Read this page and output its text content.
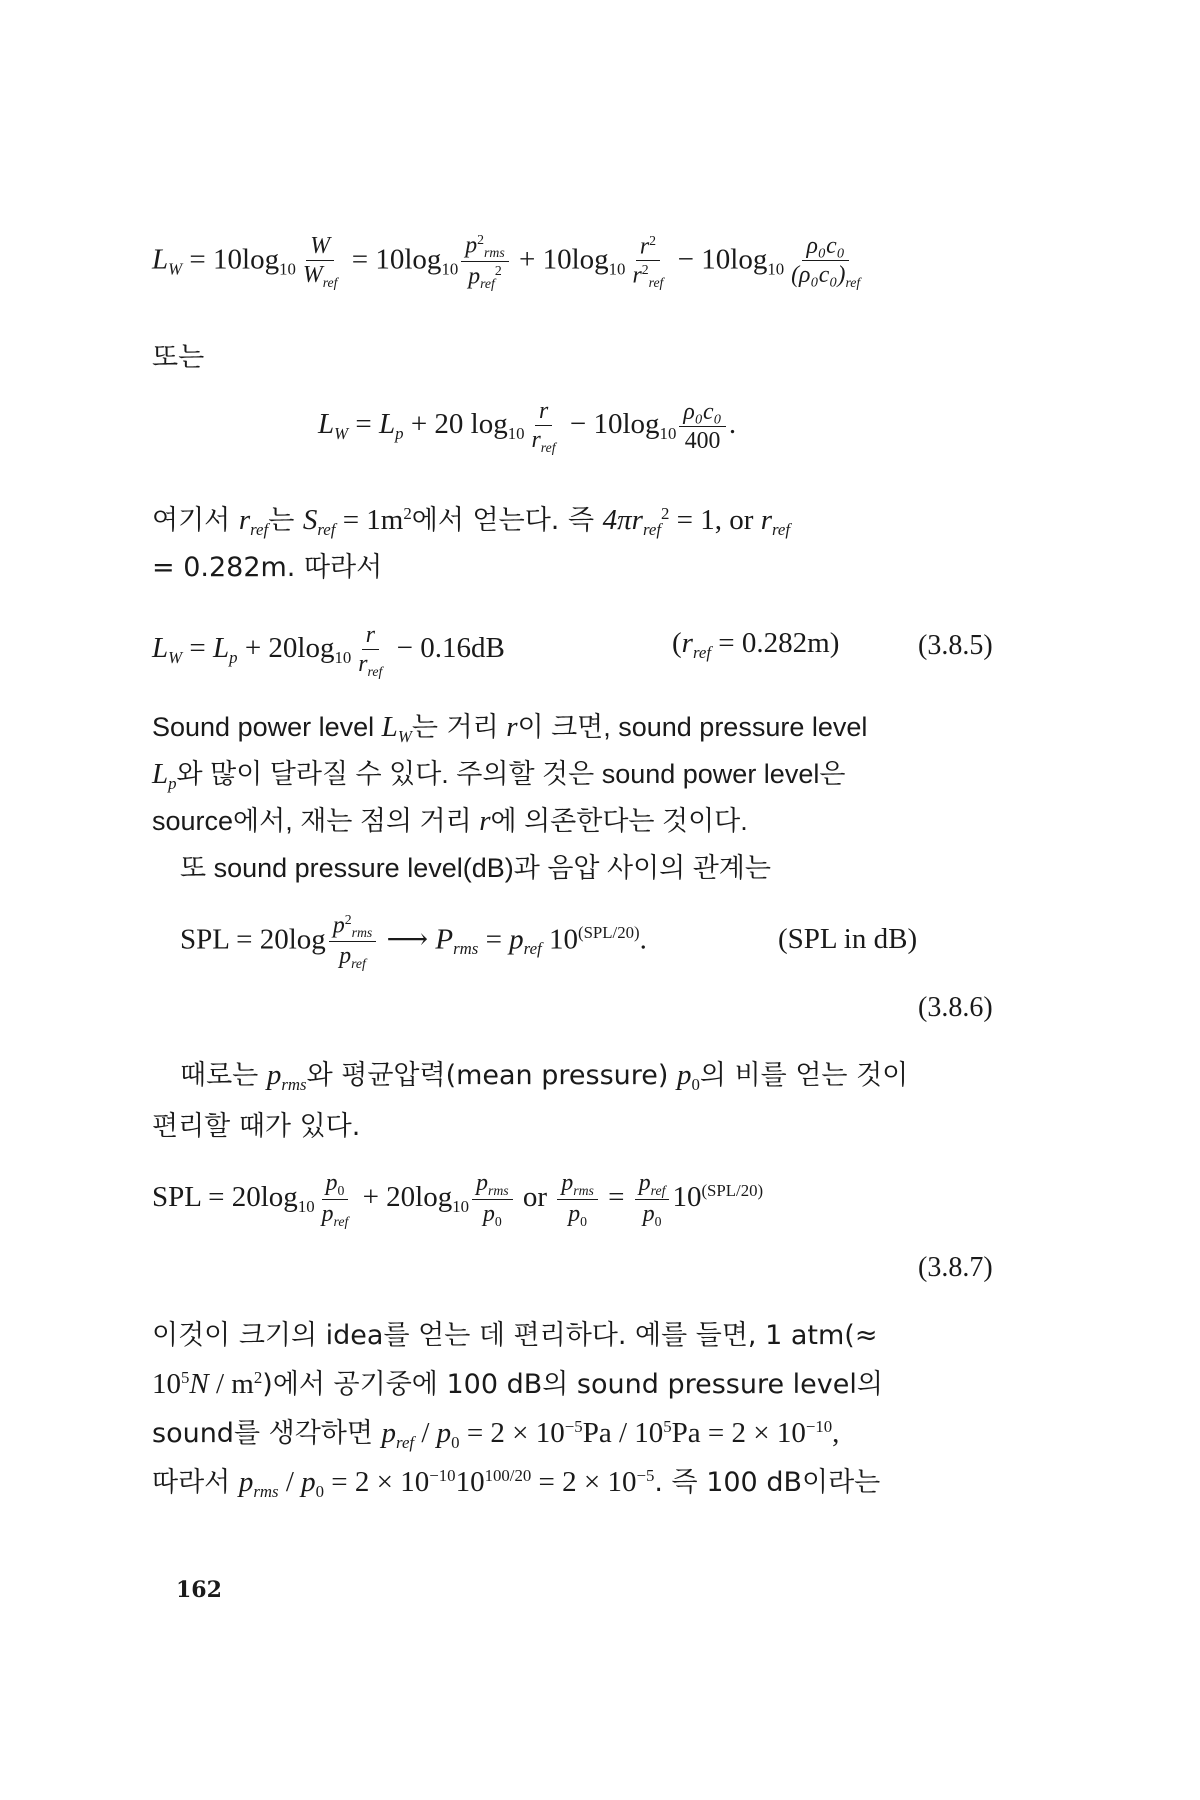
$L_W = 10\log_{10}$
W
$W_{ref}$
= $10\log_{10}$
$p^2_{rms}$
$p_{ref}^2 + 10\log_{10}$
$r^2$
$r^2_{ref}$
− $10\log_{10}$
ρ₀c₀
$(\rho_0c_0)_{ref}$
또는
$L_W = L_p + 20$ $\log_{10}$
r
$r_{ref}$
− $10\log_{10} \frac{\text{ρ₀c₀}}{400}$ .
여기서 $r_{ref}$는 $S_{ref} = 1m^2$에서 얻는다. 즉 $4\pi r_{ref}^2 = 1$, or $r_{ref}$
= 0.282m. 따라서
$L_W = L_p + 20\log_{10}$
r
$r_{ref}$
− 0.16dB	$(r_{ref} = 0.282m)$	(3.8.5)
Sound power level $L_W$는 거리 r이 크면, sound pressure level
$L_p$와 많이 달라질 수 있다. 주의할 것은 sound power level은
source에서, 재는 점의 거리 r에 의존한다는 것이다.
또 sound pressure level(dB)과 음압 사이의 관계는
SPL = 20log $p^2_{rms}$
$p_{ref}$
⟶ $P_{rms} = p_{ref}$ $10^{(SPL/20)}$.	(SPL in dB)
(3.8.6)
때로는 $p_{rms}$와 평균압력(mean pressure) $p_0$의 비를 얻는 것이
편리할 때가 있다.
SPL = $20\log_{10}$
$p_0$
$p_{ref}$
+ $20\log_{10}$
$p_{rms}$
$p_0$
or $p_{rms}$
$p_0$
= $p_{ref}$
$p_0$
$10^{(SPL/20)}$
(3.8.7)
이것이 크기의 idea를 얻는 데 편리하다. 예를 들면, 1 atm(≈
$10^5N / m^2$)에서 공기중에 100 dB의 sound pressure level의
sound를 생각하면 $p_{ref} / p_0 = 2 \times 10^{-5}Pa / 10^5Pa = 2 \times 10^{-10}$,
따라서 $p_{rms} / p_0 = 2 \times 10^{-10}10^{100/20} = 2 \times 10^{-5}$. 즉 100 dB이라는
162
